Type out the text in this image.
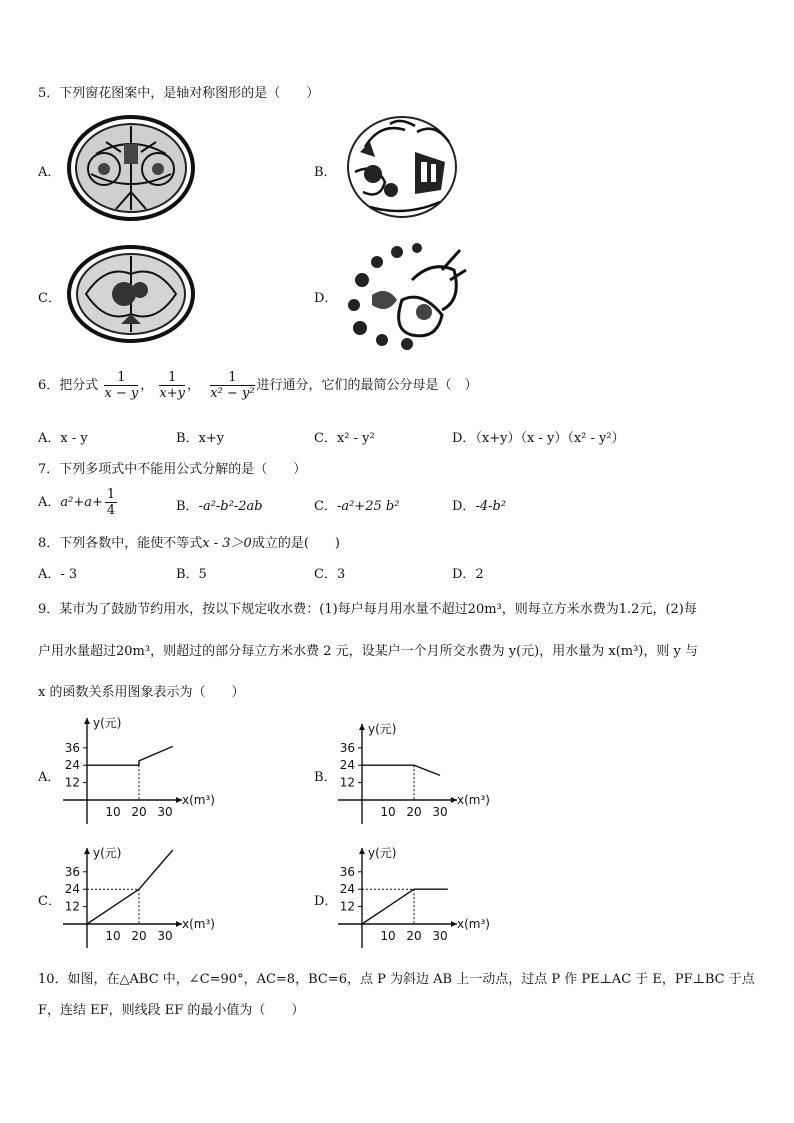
5．下列窗花图案中，是轴对称图形的是（　　）
A．	B．
C．	D．
6．把分式 $\frac{1}{x - y}$ ， $\frac{1}{x+y}$ ， $\frac{1}{\text{x² − y²}}$ 进行通分，它们的最简公分母是（　）
A．x - y	B．x+y	C．x² - y²	D．（x+y）（x - y）（x² - y²）
7．下列多项式中不能用公式分解的是（　　）
A．$a^2+a+ \frac{1}{4}$	B．-a²-b²-2ab	C．-a²+25 b²	D．-4-b²
8．下列各数中，能使不等式x - 3＞0成立的是(　　)
A．- 3	B．5	C．3	D．2
9．某市为了鼓励节约用水，按以下规定收水费：(1)每户每月用水量不超过20m³，则每立方米水费为1.2元，(2)每
户用水量超过20m³，则超过的部分每立方米水费 2 元，设某户一个月所交水费为 y(元)，用水量为 x(m³)，则 y 与
x 的函数关系用图象表示为（　　）
A．	B．
C．	D．
y(元)
x(m³)
12
24
36
10 20 30
y(元)
x(m³)
12
24
36
10 20 30
y(元)
x(m³)
12
24
36
10 20 30
y(元)
x(m³)
12
24
36
10 20 30
10．如图，在△ABC 中，∠C=90°，AC=8，BC=6，点 P 为斜边 AB 上一动点，过点 P 作 PE⊥AC 于 E，PF⊥BC 于点
F，连结 EF，则线段 EF 的最小值为（　　）
